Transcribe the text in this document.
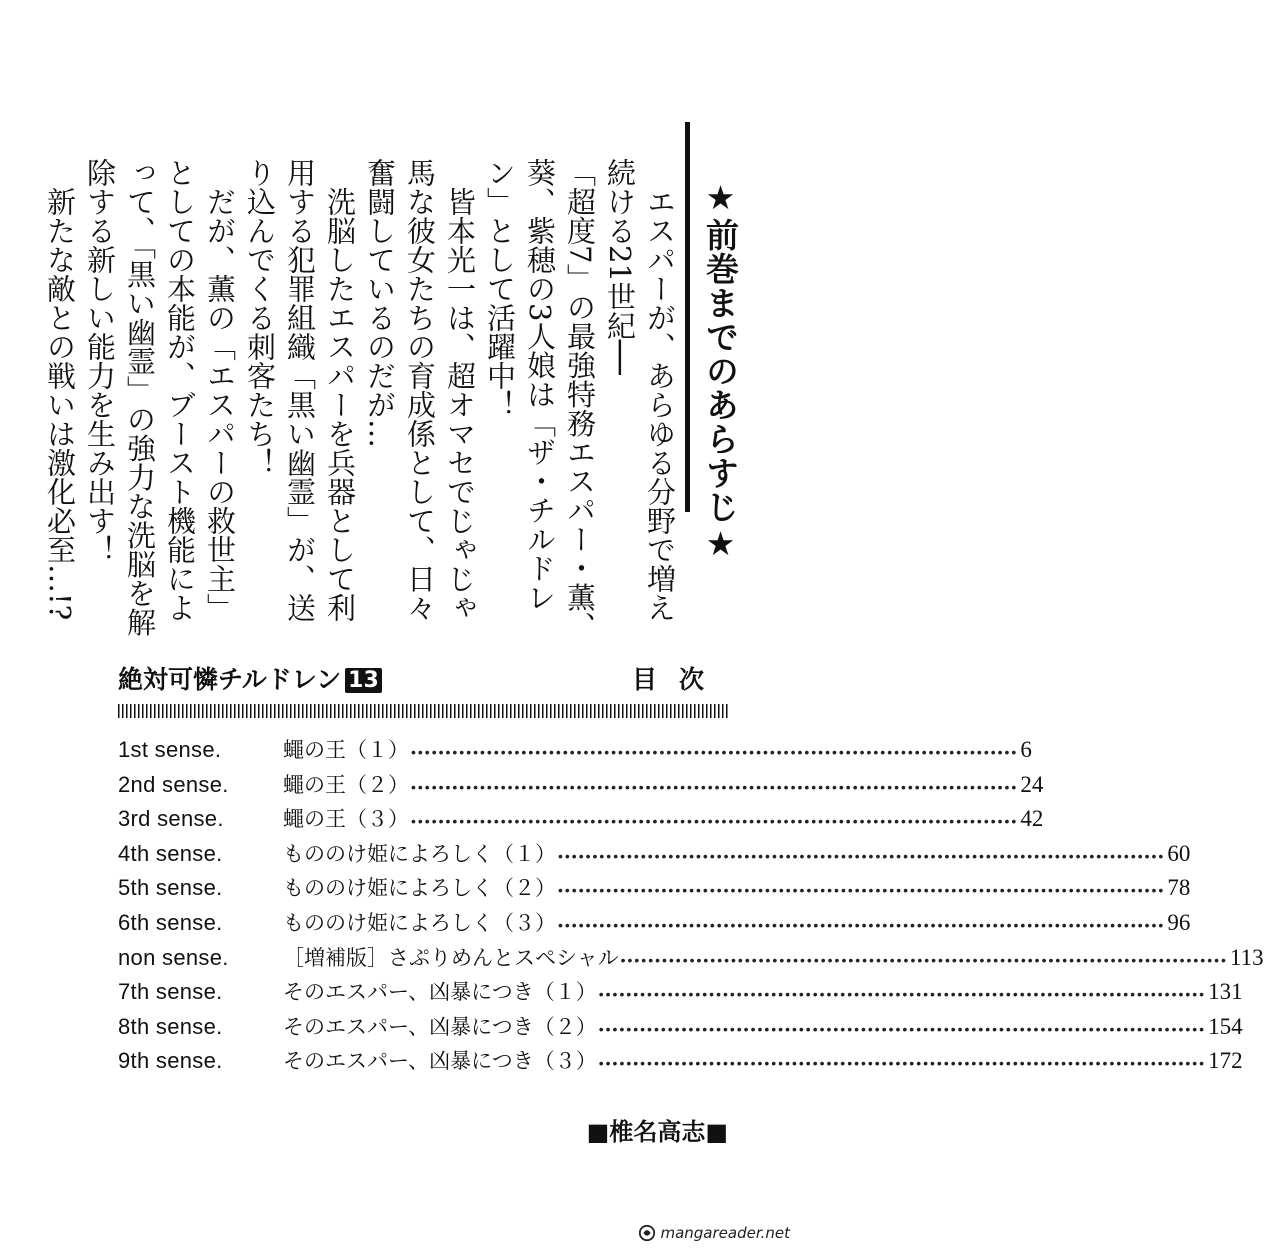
★前巻までのあらすじ★
　エスパーが、あらゆる分野で増え
続ける21世紀──
「超度7」の最強特務エスパー・薫、
葵、紫穂の3人娘は「ザ・チルドレ
ン」として活躍中！
　皆本光一は、超オマセでじゃじゃ
馬な彼女たちの育成係として、日々
奮闘しているのだが…
　洗脳したエスパーを兵器として利
用する犯罪組織「黒い幽霊」が、送
り込んでくる刺客たち！
　だが、薫の「エスパーの救世主」
としての本能が、ブースト機能によ
って、「黒い幽霊」の強力な洗脳を解
除する新しい能力を生み出す！
　新たな敵との戦いは激化必至…!?
絶対可憐チルドレン 13	目次
1st sense.	蠅の王（１） •••••	6
2nd sense.	蠅の王（２） •••••	24
3rd sense.	蠅の王（３） •••••	42
4th sense.	もののけ姫によろしく（１） •••••	60
5th sense.	もののけ姫によろしく（２） •••••	78
6th sense.	もののけ姫によろしく（３） •••••	96
non sense.	［増補版］さぷりめんとスペシャル •••••	113
7th sense.	そのエスパー、凶暴につき（１） •••••	131
8th sense.	そのエスパー、凶暴につき（２） •••••	154
9th sense.	そのエスパー、凶暴につき（３） •••••	172
■椎名高志■
mangareader.net
